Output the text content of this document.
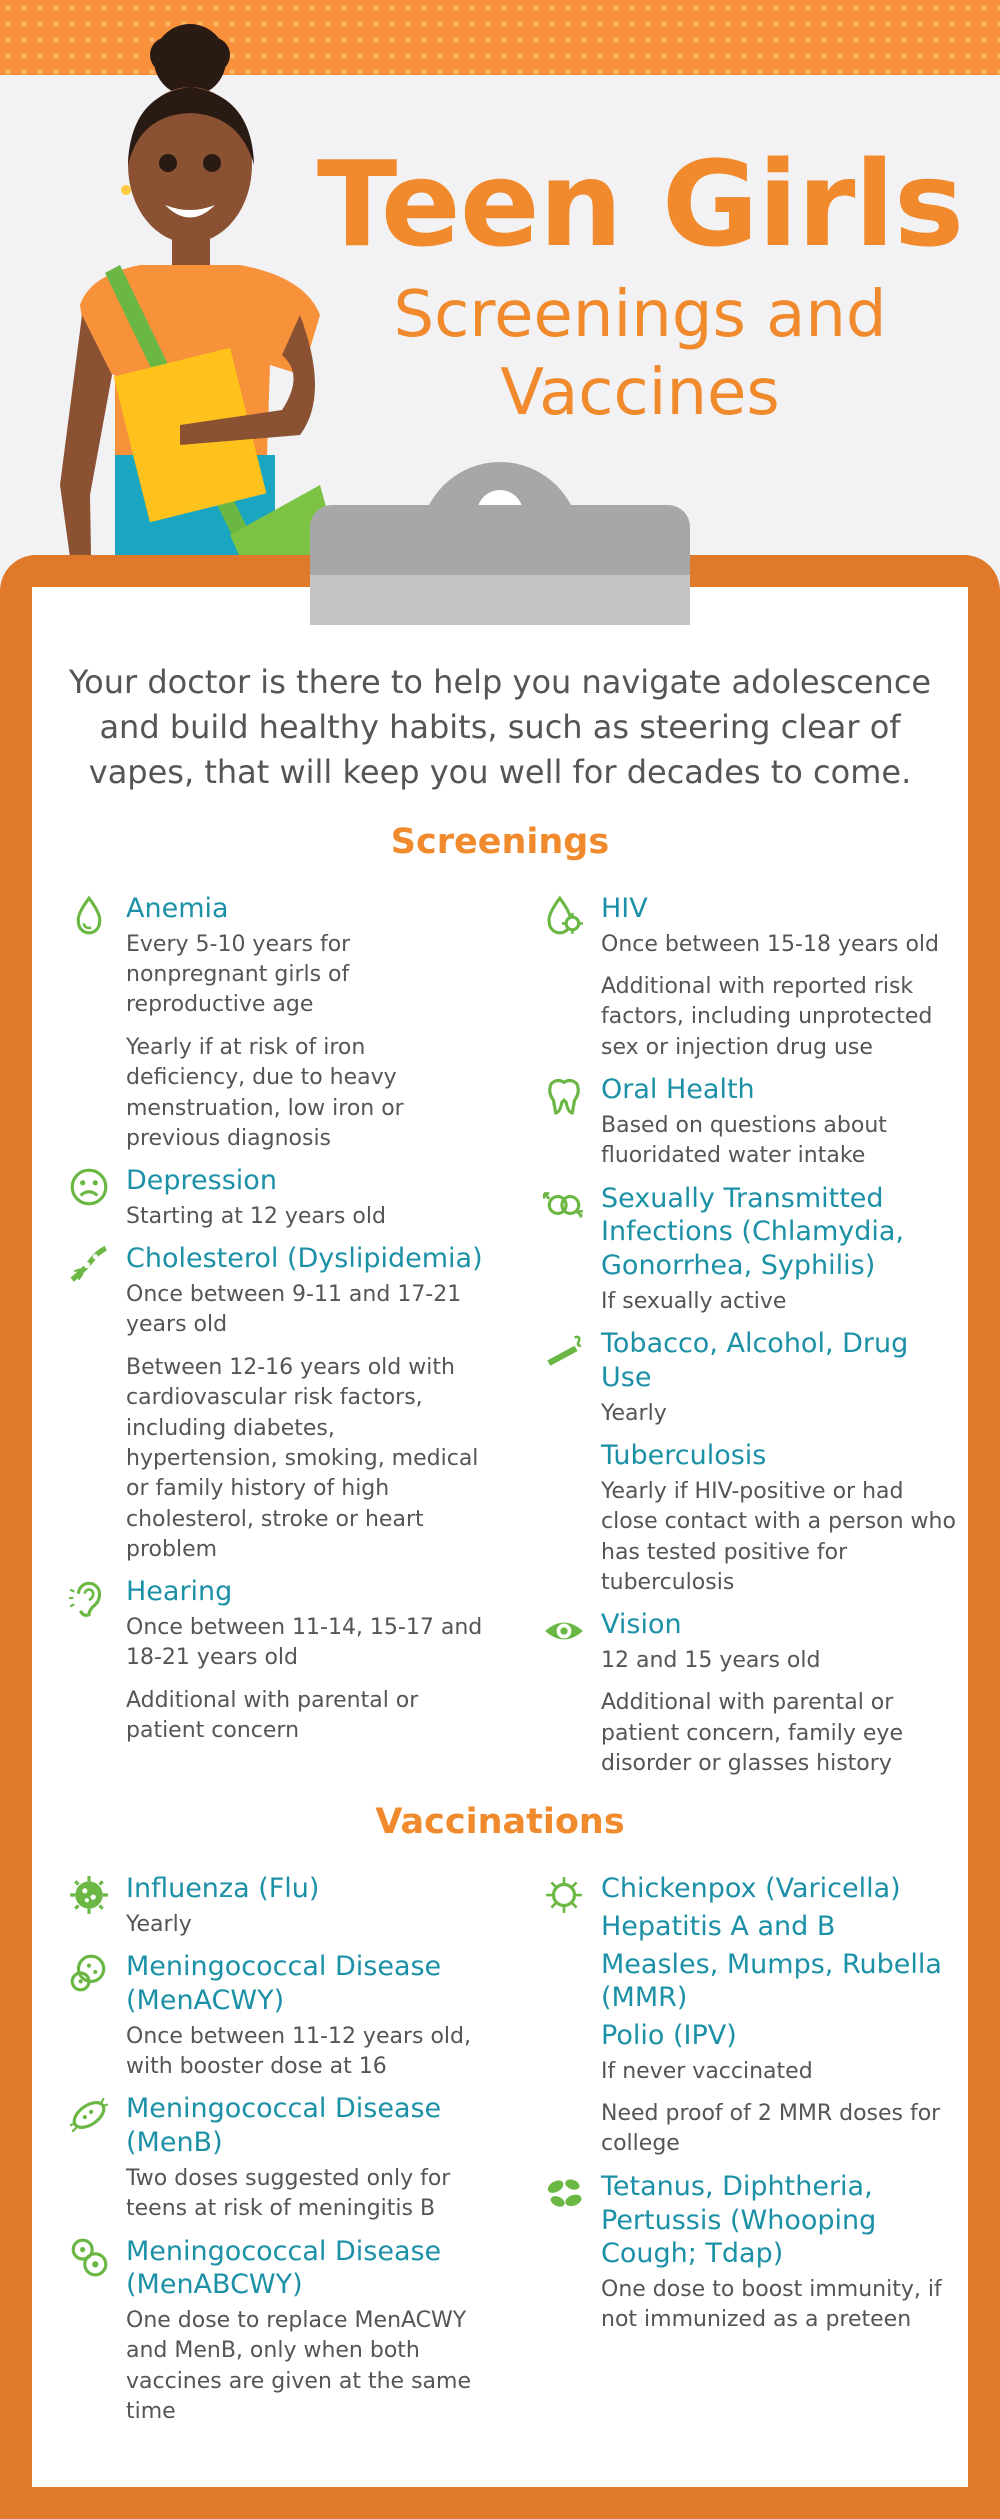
Teen Girls
Screenings and
Vaccines
Your doctor is there to help you navigate adolescence and build healthy habits, such as steering clear of vapes, that will keep you well for decades to come.
Screenings
Anemia
Every 5-10 years for nonpregnant girls of reproductive age
Yearly if at risk of iron deficiency, due to heavy menstruation, low iron or previous diagnosis
Depression
Starting at 12 years old
Cholesterol (Dyslipidemia)
Once between 9-11 and 17-21 years old
Between 12-16 years old with cardiovascular risk factors, including diabetes, hypertension, smoking, medical or family history of high cholesterol, stroke or heart problem
Hearing
Once between 11-14, 15-17 and 18-21 years old
Additional with parental or patient concern
HIV
Once between 15-18 years old
Additional with reported risk factors, including unprotected sex or injection drug use
Oral Health
Based on questions about fluoridated water intake
Sexually Transmitted Infections (Chlamydia, Gonorrhea, Syphilis)
If sexually active
Tobacco, Alcohol, Drug Use
Yearly
Tuberculosis
Yearly if HIV-positive or had close contact with a person who has tested positive for tuberculosis
Vision
12 and 15 years old
Additional with parental or patient concern, family eye disorder or glasses history
Vaccinations
Influenza (Flu)
Yearly
Meningococcal Disease (MenACWY)
Once between 11-12 years old, with booster dose at 16
Meningococcal Disease (MenB)
Two doses suggested only for teens at risk of meningitis B
Meningococcal Disease (MenABCWY)
One dose to replace MenACWY and MenB, only when both vaccines are given at the same time
Chickenpox (Varicella)
Hepatitis A and B
Measles, Mumps, Rubella (MMR)
Polio (IPV)
If never vaccinated
Need proof of 2 MMR doses for college
Tetanus, Diphtheria, Pertussis (Whooping Cough; Tdap)
One dose to boost immunity, if not immunized as a preteen
